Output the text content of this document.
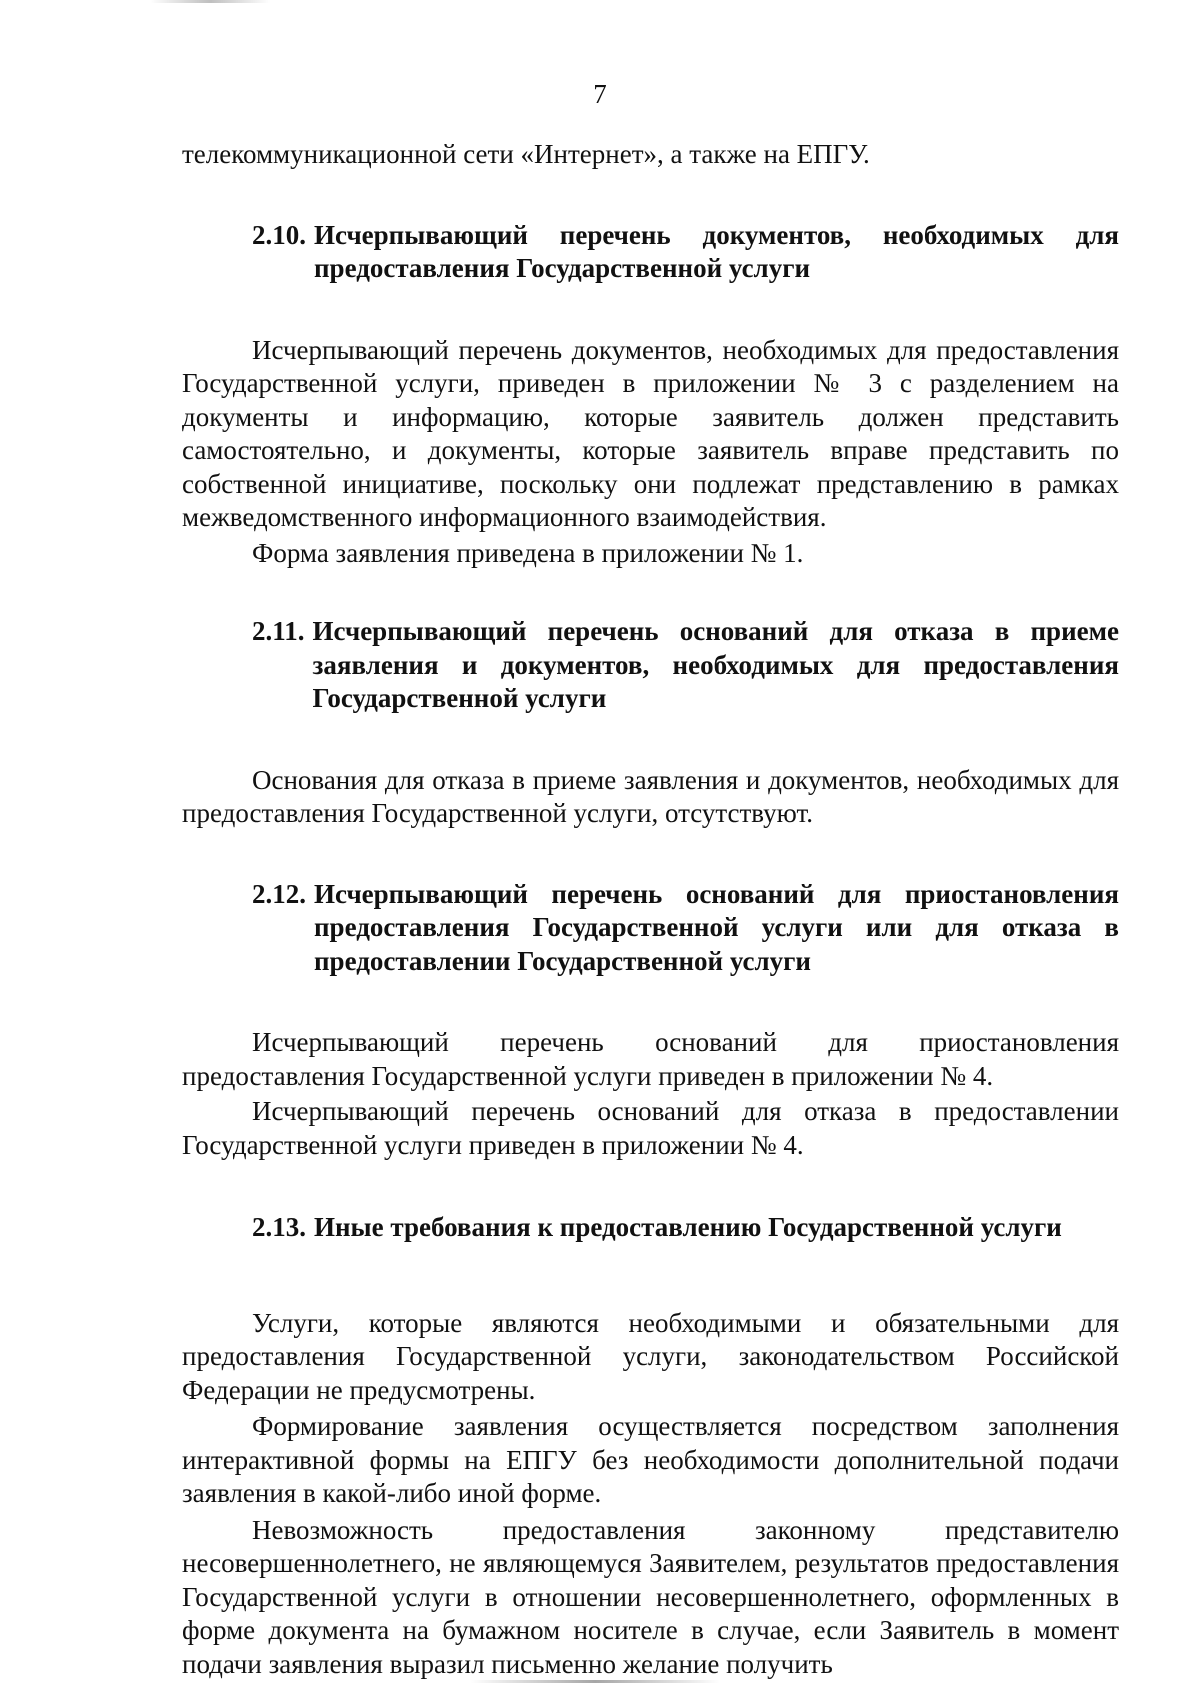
7

телекоммуникационной сети «Интернет», а также на ЕПГУ.

2.10. Исчерпывающий перечень документов, необходимых для предоставления Государственной услуги

Исчерпывающий перечень документов, необходимых для предоставления Государственной услуги, приведен в приложении № 3 с разделением на документы и информацию, которые заявитель должен представить самостоятельно, и документы, которые заявитель вправе представить по собственной инициативе, поскольку они подлежат представлению в рамках межведомственного информационного взаимодействия.

Форма заявления приведена в приложении № 1.

2.11. Исчерпывающий перечень оснований для отказа в приеме заявления и документов, необходимых для предоставления Государственной услуги

Основания для отказа в приеме заявления и документов, необходимых для предоставления Государственной услуги, отсутствуют.

2.12. Исчерпывающий перечень оснований для приостановления предоставления Государственной услуги или для отказа в предоставлении Государственной услуги

Исчерпывающий перечень оснований для приостановления предоставления Государственной услуги приведен в приложении № 4.

Исчерпывающий перечень оснований для отказа в предоставлении Государственной услуги приведен в приложении № 4.

2.13. Иные требования к предоставлению Государственной услуги

Услуги, которые являются необходимыми и обязательными для предоставления Государственной услуги, законодательством Российской Федерации не предусмотрены.

Формирование заявления осуществляется посредством заполнения интерактивной формы на ЕПГУ без необходимости дополнительной подачи заявления в какой-либо иной форме.

Невозможность предоставления законному представителю несовершеннолетнего, не являющемуся Заявителем, результатов предоставления Государственной услуги в отношении несовершеннолетнего, оформленных в форме документа на бумажном носителе в случае, если Заявитель в момент подачи заявления выразил письменно желание получить
